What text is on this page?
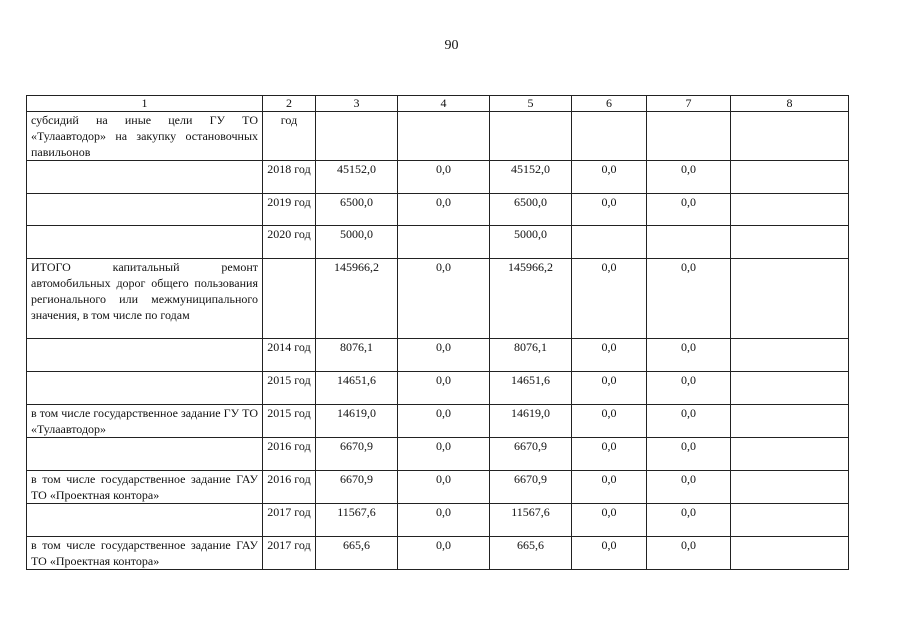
90
1	2	3	4	5	6	7	8
субсидий на иные цели ГУ ТО «Тулаавтодор» на закупку остановочных павильонов	год						
	2018 год	45152,0	0,0	45152,0	0,0	0,0	
	2019 год	6500,0	0,0	6500,0	0,0	0,0	
	2020 год	5000,0		5000,0			
ИТОГО капитальный ремонт автомобильных дорог общего пользования регионального или межмуниципального значения, в том числе по годам		145966,2	0,0	145966,2	0,0	0,0	
	2014 год	8076,1	0,0	8076,1	0,0	0,0	
	2015 год	14651,6	0,0	14651,6	0,0	0,0	
в том числе государственное задание ГУ ТО «Тулаавтодор»	2015 год	14619,0	0,0	14619,0	0,0	0,0	
	2016 год	6670,9	0,0	6670,9	0,0	0,0	
в том числе государственное задание ГАУ ТО «Проектная контора»	2016 год	6670,9	0,0	6670,9	0,0	0,0	
	2017 год	11567,6	0,0	11567,6	0,0	0,0	
в том числе государственное задание ГАУ ТО «Проектная контора»	2017 год	665,6	0,0	665,6	0,0	0,0	
